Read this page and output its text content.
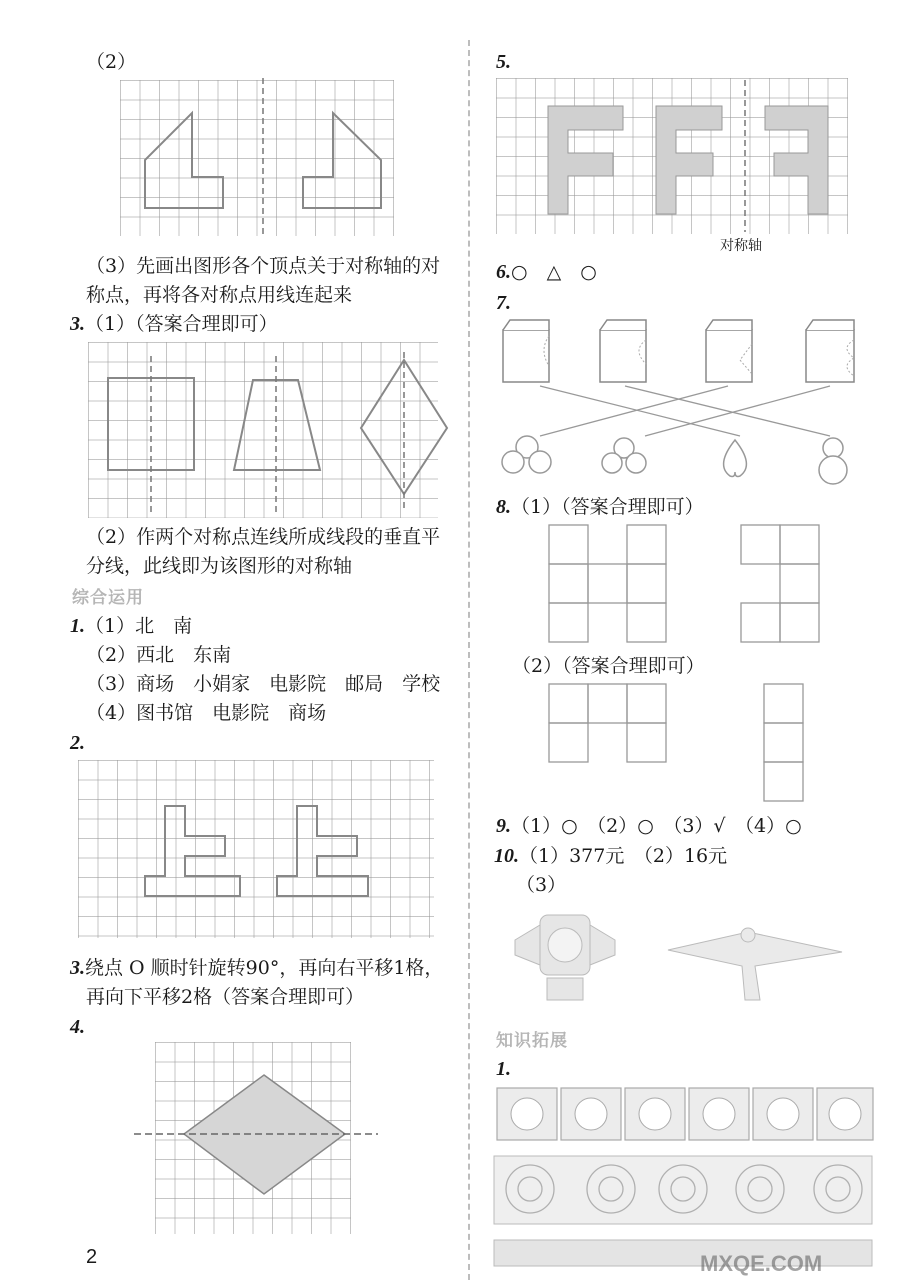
（2）
（3）先画出图形各个顶点关于对称轴的对
称点，再将各对称点用线连起来
3.（1）（答案合理即可）
（2）作两个对称点连线所成线段的垂直平
分线，此线即为该图形的对称轴
综合运用
1.（1）北　南
（2）西北　东南
（3）商场　小娟家　电影院　邮局　学校
（4）图书馆　电影院　商场
2.
3.绕点 O 顺时针旋转90°，再向右平移1格，
再向下平移2格（答案合理即可）
4.
2
5.
对称轴
6.○　△　○
7.
8.（1）（答案合理即可）
（2）（答案合理即可）
9.（1）○　（2）○　（3）√　（4）○
10.（1）377元　（2）16元
（3）
知识拓展
1.
MXQE.COM
